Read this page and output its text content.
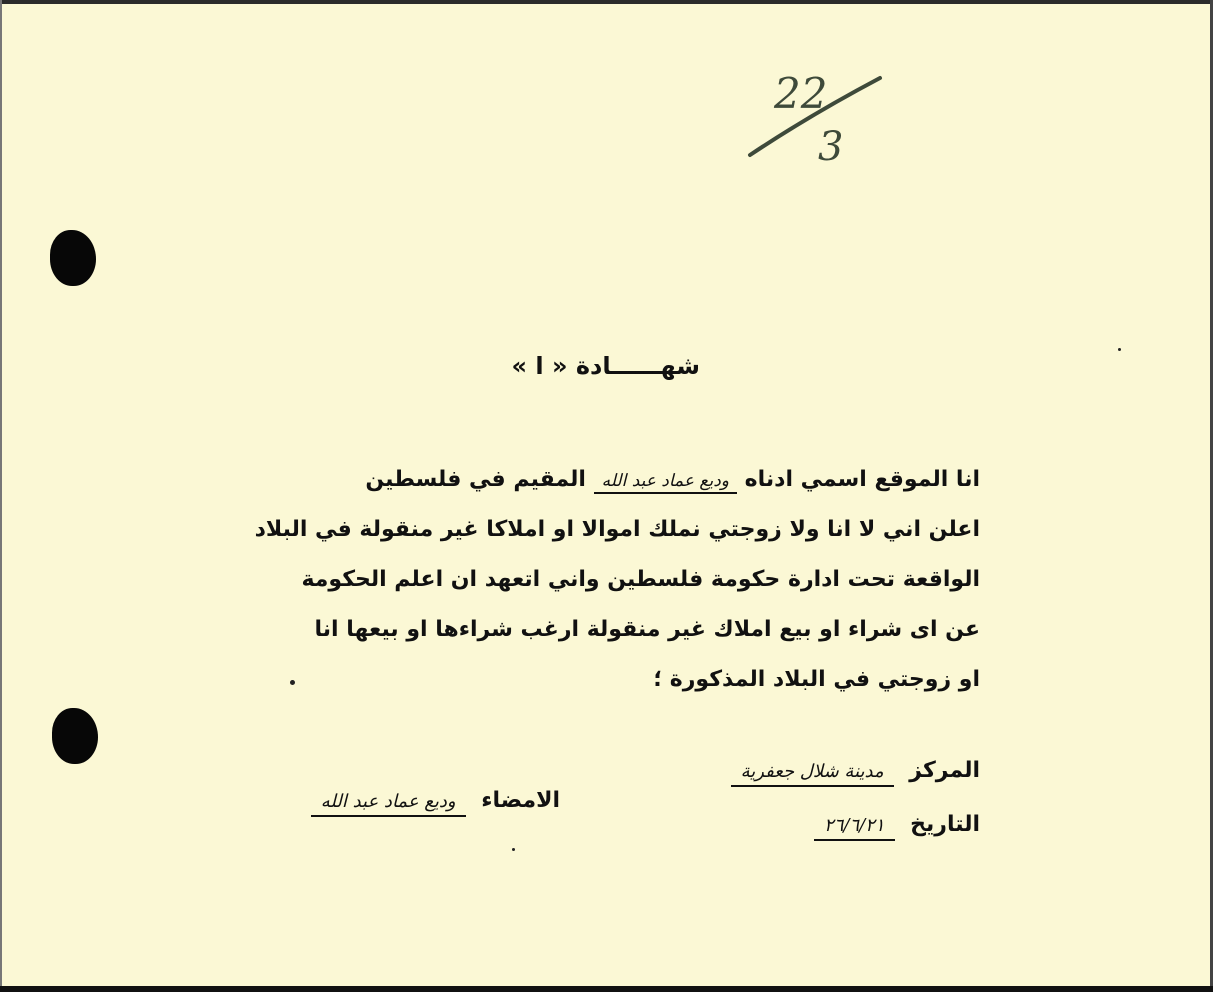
22
3
شهــــــادة « ا »
انا الموقع اسمي ادناه وديع عماد عبد الله المقيم في فلسطين
اعلن اني لا انا ولا زوجتي نملك اموالا او املاكا غير منقولة في البلاد
الواقعة تحت ادارة حكومة فلسطين واني اتعهد ان اعلم الحكومة
عن اى شراء او بيع املاك غير منقولة ارغب شراءها او بيعها انا
او زوجتي في البلاد المذكورة ؛
المركز مدينة شلال جعفرية
التاريخ ٢٦/٦/٢١
الامضاء وديع عماد عبد الله
